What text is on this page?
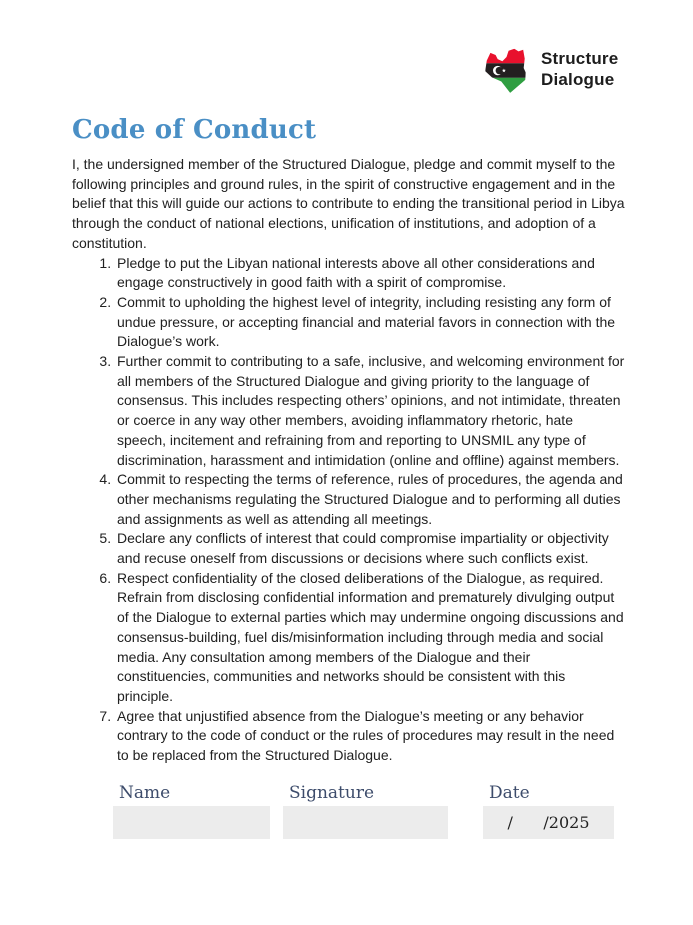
Structure
Dialogue
Code of Conduct

I, the undersigned member of the Structured Dialogue, pledge and commit myself to the following principles and ground rules, in the spirit of constructive engagement and in the belief that this will guide our actions to contribute to ending the transitional period in Libya through the conduct of national elections, unification of institutions, and adoption of a constitution.

1. Pledge to put the Libyan national interests above all other considerations and engage constructively in good faith with a spirit of compromise.
2. Commit to upholding the highest level of integrity, including resisting any form of undue pressure, or accepting financial and material favors in connection with the Dialogue’s work.
3. Further commit to contributing to a safe, inclusive, and welcoming environment for all members of the Structured Dialogue and giving priority to the language of consensus. This includes respecting others’ opinions, and not intimidate, threaten or coerce in any way other members, avoiding inflammatory rhetoric, hate speech, incitement and refraining from and reporting to UNSMIL any type of discrimination, harassment and intimidation (online and offline) against members.
4. Commit to respecting the terms of reference, rules of procedures, the agenda and other mechanisms regulating the Structured Dialogue and to performing all duties and assignments as well as attending all meetings.
5. Declare any conflicts of interest that could compromise impartiality or objectivity and recuse oneself from discussions or decisions where such conflicts exist.
6. Respect confidentiality of the closed deliberations of the Dialogue, as required. Refrain from disclosing confidential information and prematurely divulging output of the Dialogue to external parties which may undermine ongoing discussions and consensus-building, fuel dis/misinformation including through media and social media. Any consultation among members of the Dialogue and their constituencies, communities and networks should be consistent with this principle.
7. Agree that unjustified absence from the Dialogue’s meeting or any behavior contrary to the code of conduct or the rules of procedures may result in the need to be replaced from the Structured Dialogue.
Name	Signature	Date
/      /2025
